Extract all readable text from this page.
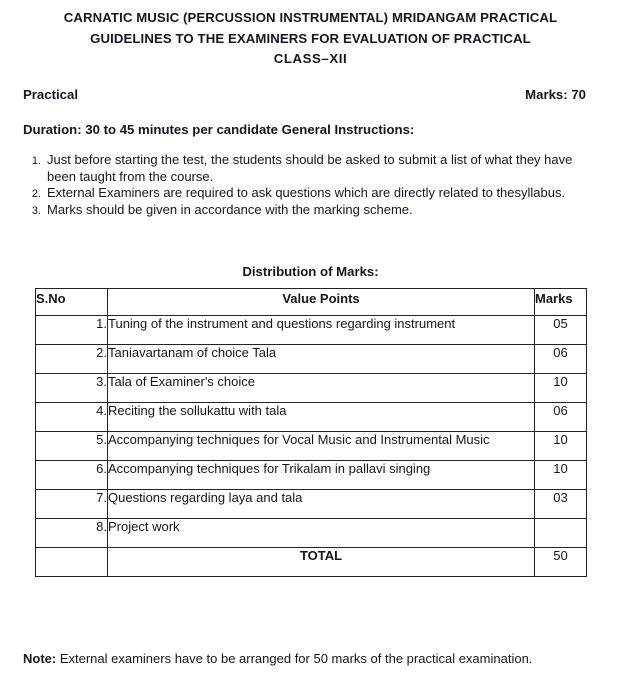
CARNATIC MUSIC (PERCUSSION INSTRUMENTAL) MRIDANGAM PRACTICAL
GUIDELINES TO THE EXAMINERS FOR EVALUATION OF PRACTICAL
CLASS–XII
Practical	Marks: 70
Duration: 30 to 45 minutes per candidate General Instructions:
1. Just before starting the test, the students should be asked to submit a list of what they have been taught from the course.
2. External Examiners are required to ask questions which are directly related to thesyllabus.
3. Marks should be given in accordance with the marking scheme.
Distribution of Marks:
S.No	Value Points	Marks
1.	Tuning of the instrument and questions regarding instrument	05
2.	Taniavartanam of choice Tala	06
3.	Tala of Examiner's choice	10
4.	Reciting the sollukattu with tala	06
5.	Accompanying techniques for Vocal Music and Instrumental Music	10
6.	Accompanying techniques for Trikalam in pallavi singing	10
7.	Questions regarding laya and tala	03
8.	Project work	
	TOTAL	50
Note: External examiners have to be arranged for 50 marks of the practical examination.
